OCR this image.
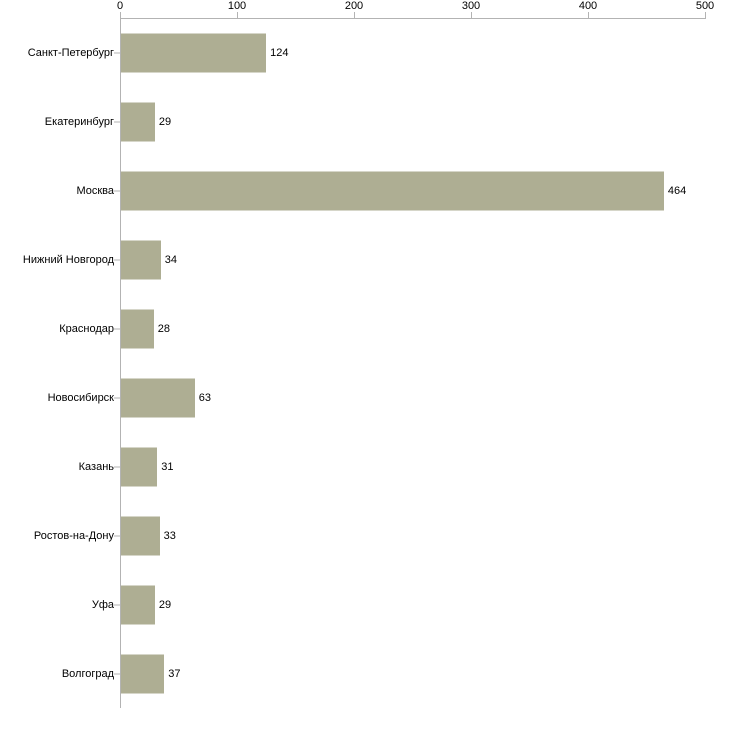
0	100	200	300	400	500
Санкт-Петербург	124
Екатеринбург	29
Москва	464
Нижний Новгород	34
Краснодар	28
Новосибирск	63
Казань	31
Ростов-на-Дону	33
Уфа	29
Волгоград	37
